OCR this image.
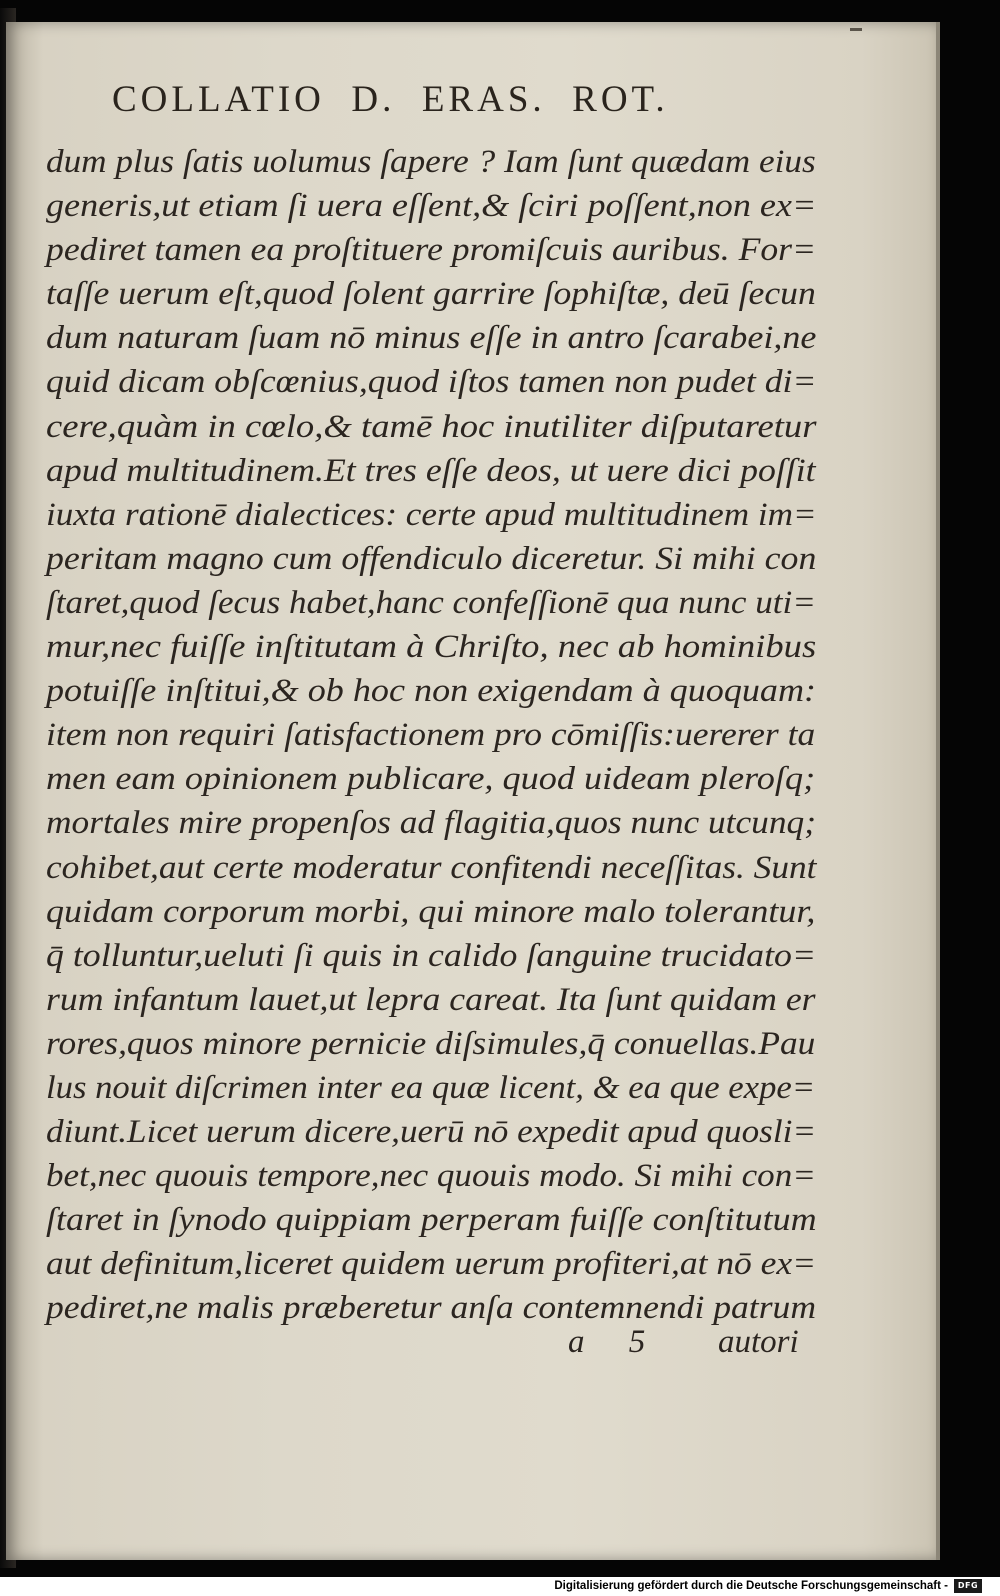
COLLATIO  D.  ERAS.  ROT.
dum plus ſatis uolumus ſapere ? Iam ſunt quædam eius
generis,ut etiam ſi uera eſſent,& ſciri poſſent,non ex=
pediret tamen ea proſtituere promiſcuis auribus. For=
taſſe uerum eſt,quod ſolent garrire ſophiſtæ, deū ſecun
dum naturam ſuam nō minus eſſe in antro ſcarabei,ne
quid dicam obſcœnius,quod iſtos tamen non pudet di=
cere,quàm in cœlo,& tamē hoc inutiliter diſputaretur
apud multitudinem.Et tres eſſe deos, ut uere dici poſſit
iuxta rationē dialectices: certe apud multitudinem im=
peritam magno cum offendiculo diceretur. Si mihi con
ſtaret,quod ſecus habet,hanc confeſſionē qua nunc uti=
mur,nec fuiſſe inſtitutam à Chriſto, nec ab hominibus
potuiſſe inſtitui,& ob hoc non exigendam à quoquam:
item non requiri ſatisfactionem pro cōmiſſis:uererer ta
men eam opinionem publicare, quod uideam pleroſq;
mortales mire propenſos ad flagitia,quos nunc utcunq;
cohibet,aut certe moderatur confitendi neceſſitas. Sunt
quidam corporum morbi, qui minore malo tolerantur,
q̄ tolluntur,ueluti ſi quis in calido ſanguine trucidato=
rum infantum lauet,ut lepra careat. Ita ſunt quidam er
rores,quos minore pernicie diſsimules,q̄ conuellas.Pau
lus nouit diſcrimen inter ea quæ licent, & ea que expe=
diunt.Licet uerum dicere,uerū nō expedit apud quosli=
bet,nec quouis tempore,nec quouis modo. Si mihi con=
ſtaret in ſynodo quippiam perperam fuiſſe conſtitutum
aut definitum,liceret quidem uerum profiteri,at nō ex=
pediret,ne malis præberetur anſa contemnendi patrum
a 5 autori
Digitalisierung gefördert durch die Deutsche Forschungsgemeinschaft -	DFG
